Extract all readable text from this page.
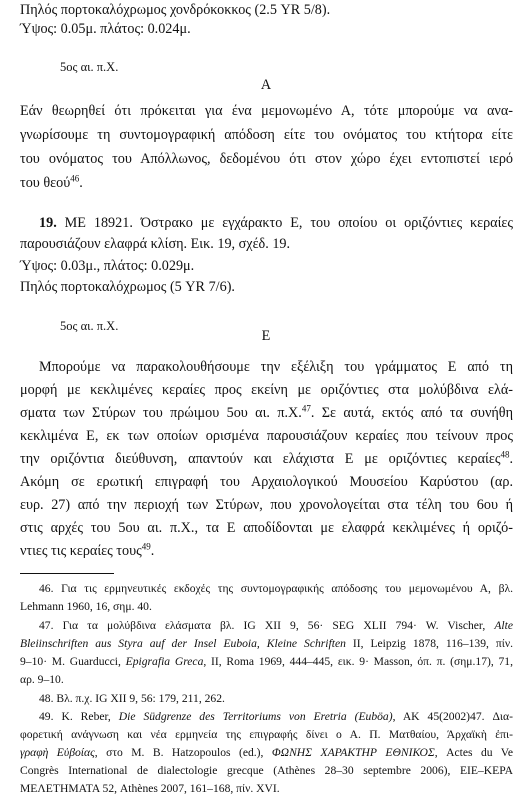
Πηλός πορτοκαλόχρωμος χονδρόκοκκος (2.5 YR 5/8).
Ύψος: 0.05μ. πλάτος: 0.024μ.
5ος αι. π.Χ.
Α
Εάν θεωρηθεί ότι πρόκειται για ένα μεμονωμένο Α, τότε μπορούμε να ανα-
γνωρίσουμε τη συντομογραφική απόδοση είτε του ονόματος του κτήτορα είτε
του ονόματος του Απόλλωνος, δεδομένου ότι στον χώρο έχει εντοπιστεί ιερό
του θεού$^{46}$.
19. ΜΕ 18921. Όστρακο με εγχάρακτο Ε, του οποίου οι οριζόντιες κεραίες
παρουσιάζουν ελαφρά κλίση. Εικ. 19, σχέδ. 19.
Ύψος: 0.03μ., πλάτος: 0.029μ.
Πηλός πορτοκαλόχρωμος (5 YR 7/6).
5ος αι. π.Χ.
Ε
Μπορούμε να παρακολουθήσουμε την εξέλιξη του γράμματος Ε από τη
μορφή με κεκλιμένες κεραίες προς εκείνη με οριζόντιες στα μολύβδινα ελά-
σματα των Στύρων του πρώιμου 5ου αι. π.Χ.$^{47}$. Σε αυτά, εκτός από τα συνήθη
κεκλιμένα Ε, εκ των οποίων ορισμένα παρουσιάζουν κεραίες που τείνουν προς
την οριζόντια διεύθυνση, απαντούν και ελάχιστα Ε με οριζόντιες κεραίες$^{48}$.
Ακόμη σε ερωτική επιγραφή του Αρχαιολογικού Μουσείου Καρύστου (αρ.
ευρ. 27) από την περιοχή των Στύρων, που χρονολογείται στα τέλη του 6ου ή
στις αρχές του 5ου αι. π.Χ., τα Ε αποδίδονται με ελαφρά κεκλιμένες ή οριζό-
ντιες τις κεραίες τους$^{49}$.
46. Για τις ερμηνευτικές εκδοχές της συντομογραφικής απόδοσης του μεμονωμένου Α, βλ.
Lehmann 1960, 16, σημ. 40.
47. Για τα μολύβδινα ελάσματα βλ. IG XII 9, 56· SEG XLII 794· W. Vischer, Alte
Bleiinschriften aus Styra auf der Insel Euboia, Kleine Schriften II, Leipzig 1878, 116–139, πίν.
9–10· M. Guarducci, Epigrafia Greca, II, Roma 1969, 444–445, εικ. 9· Masson, όπ. π. (σημ.17), 71,
αρ. 9–10.
48. Βλ. π.χ. IG XII 9, 56: 179, 211, 262.
49. K. Reber, Die Südgrenze des Territoriums von Eretria (Euböa), AK 45(2002)47. Δια-
φορετική ανάγνωση και νέα ερμηνεία της επιγραφής δίνει ο Α. Π. Ματθαίου, Άρχαϊκὴ ἐπι-
γραφὴ Εὐβοίας, στο Μ. Β. Hatzopoulos (ed.), ΦΩΝΗΣ ΧΑΡΑΚΤΗΡ ΕΘΝΙΚΟΣ, Actes du Ve
Congrès International de dialectologie grecque (Athènes 28–30 septembre 2006), ΕΙΕ–ΚΕΡΑ
ΜΕΛΕΤΗΜΑΤΑ 52, Athènes 2007, 161–168, πίν. XVI.
